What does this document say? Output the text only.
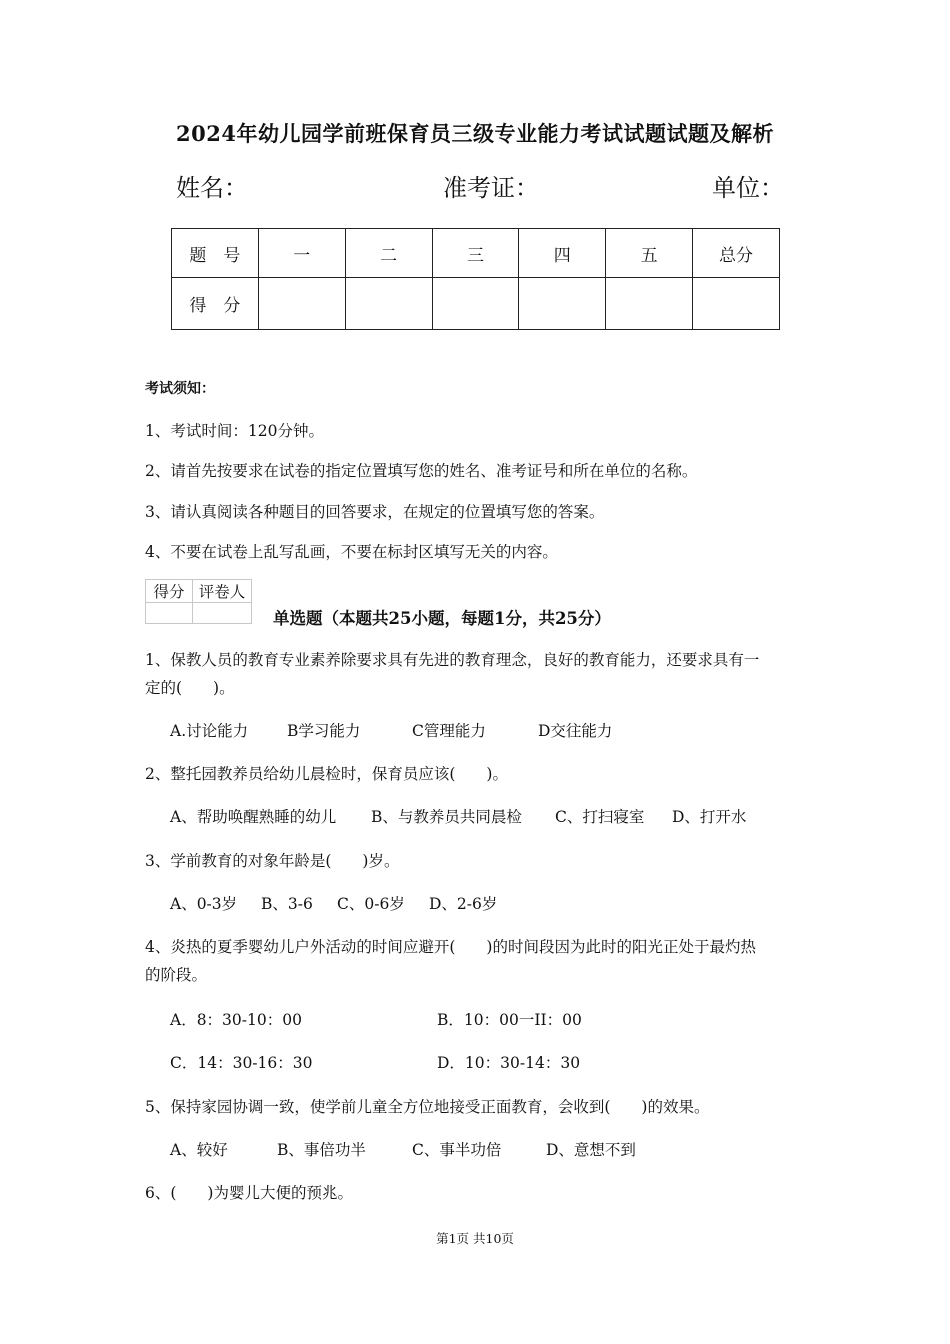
2024年幼儿园学前班保育员三级专业能力考试试题试题及解析
姓名：	准考证：	单位：
题　号	一	二	三	四	五	总分
得　分						
考试须知：
1、考试时间：120分钟。
2、请首先按要求在试卷的指定位置填写您的姓名、准考证号和所在单位的名称。
3、请认真阅读各种题目的回答要求，在规定的位置填写您的答案。
4、不要在试卷上乱写乱画，不要在标封区填写无关的内容。
得分	评卷人

单选题（本题共25小题，每题1分，共25分）
1、保教人员的教育专业素养除要求具有先进的教育理念，良好的教育能力，还要求具有一
定的(　　)。
A.讨论能力	B学习能力	C管理能力	D交往能力
2、整托园教养员给幼儿晨检时，保育员应该(　　)。
A、帮助唤醒熟睡的幼儿 B、与教养员共同晨检 C、打扫寝室 D、打开水
3、学前教育的对象年龄是(　　)岁。
A、0-3岁 B、3-6 C、0-6岁 D、2-6岁
4、炎热的夏季婴幼儿户外活动的时间应避开(　　)的时间段因为此时的阳光正处于最灼热
的阶段。
A．8：30-10：00	B．10：00一II：00
C．14：30-16：30	D．10：30-14：30
5、保持家园协调一致，使学前儿童全方位地接受正面教育，会收到(　　)的效果。
A、较好	B、事倍功半	C、事半功倍	D、意想不到
6、(　　)为婴儿大便的预兆。
第1页 共10页
